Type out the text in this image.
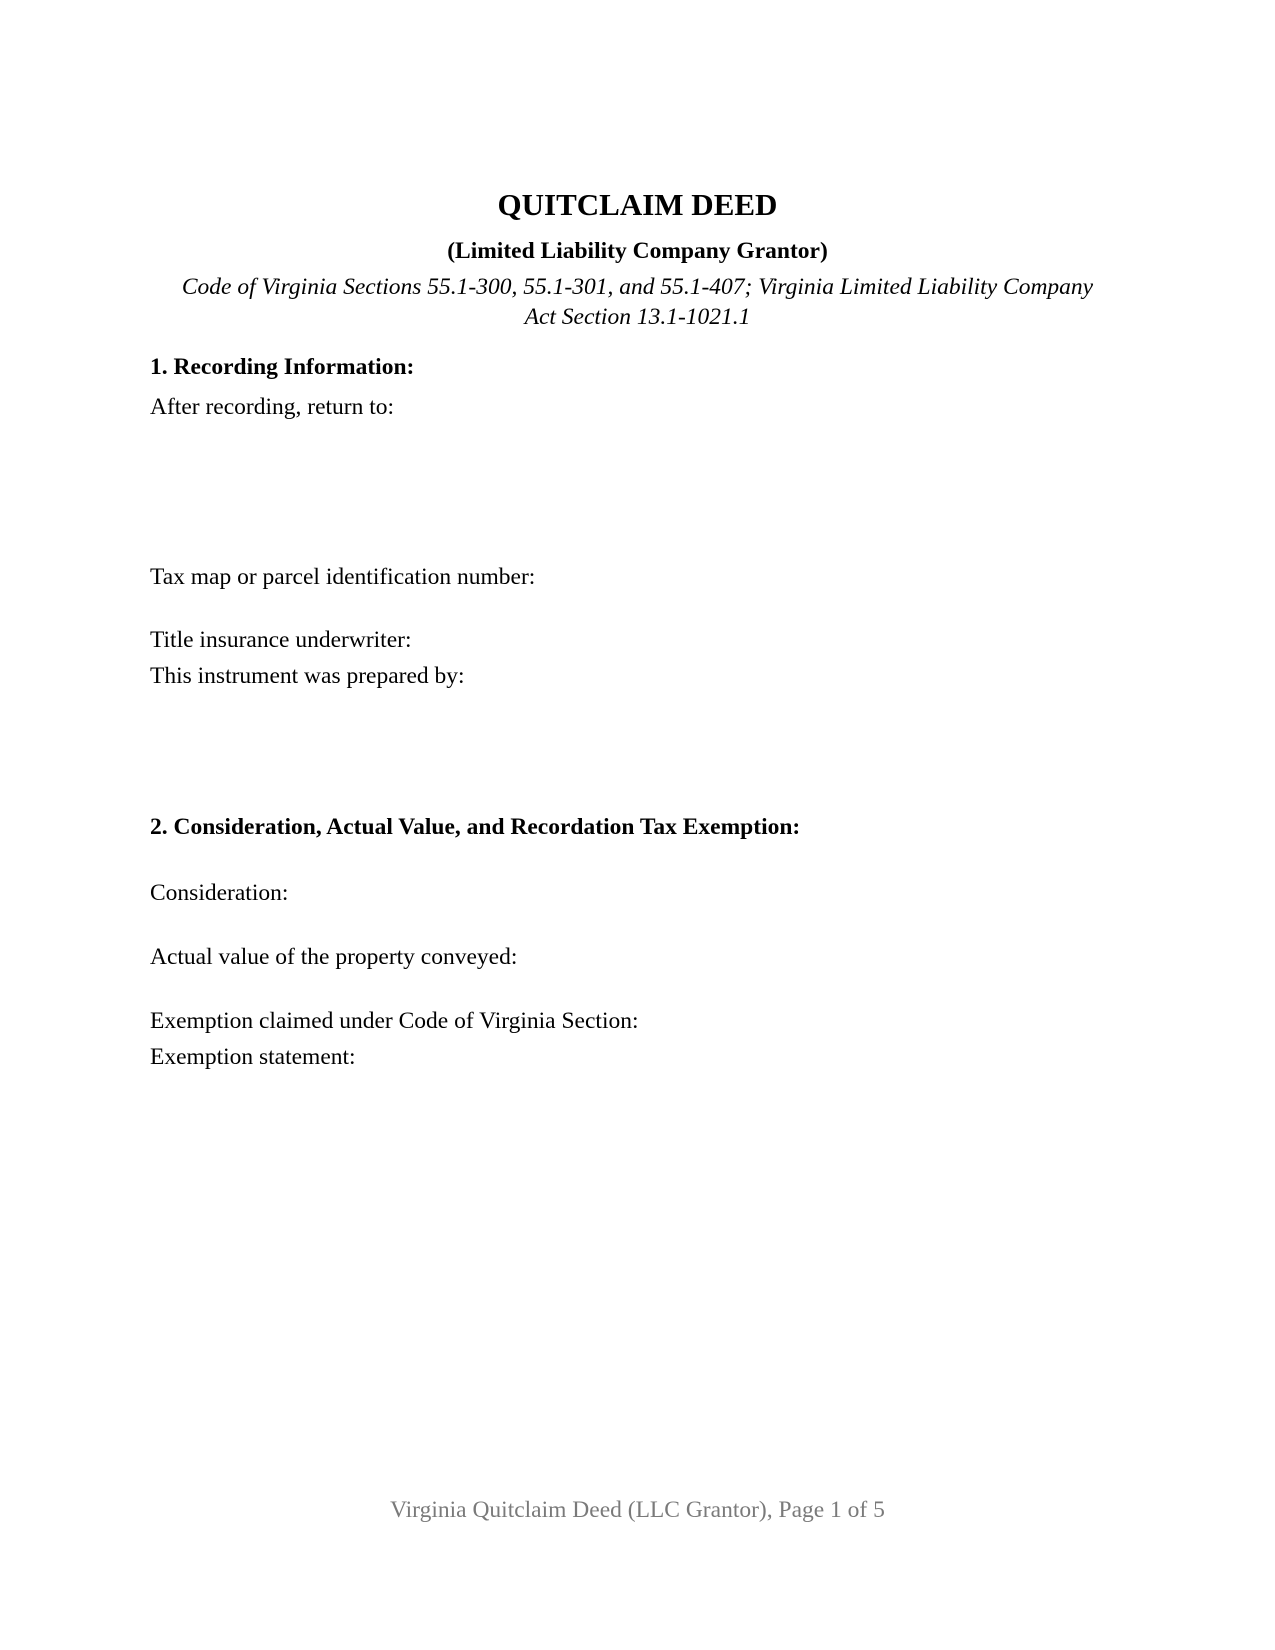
QUITCLAIM DEED
(Limited Liability Company Grantor)
Code of Virginia Sections 55.1-300, 55.1-301, and 55.1-407; Virginia Limited Liability Company Act Section 13.1-1021.1
1. Recording Information:
After recording, return to:
Tax map or parcel identification number:
Title insurance underwriter:
This instrument was prepared by:
2. Consideration, Actual Value, and Recordation Tax Exemption:
Consideration:
Actual value of the property conveyed:
Exemption claimed under Code of Virginia Section:
Exemption statement:
Virginia Quitclaim Deed (LLC Grantor), Page 1 of 5
